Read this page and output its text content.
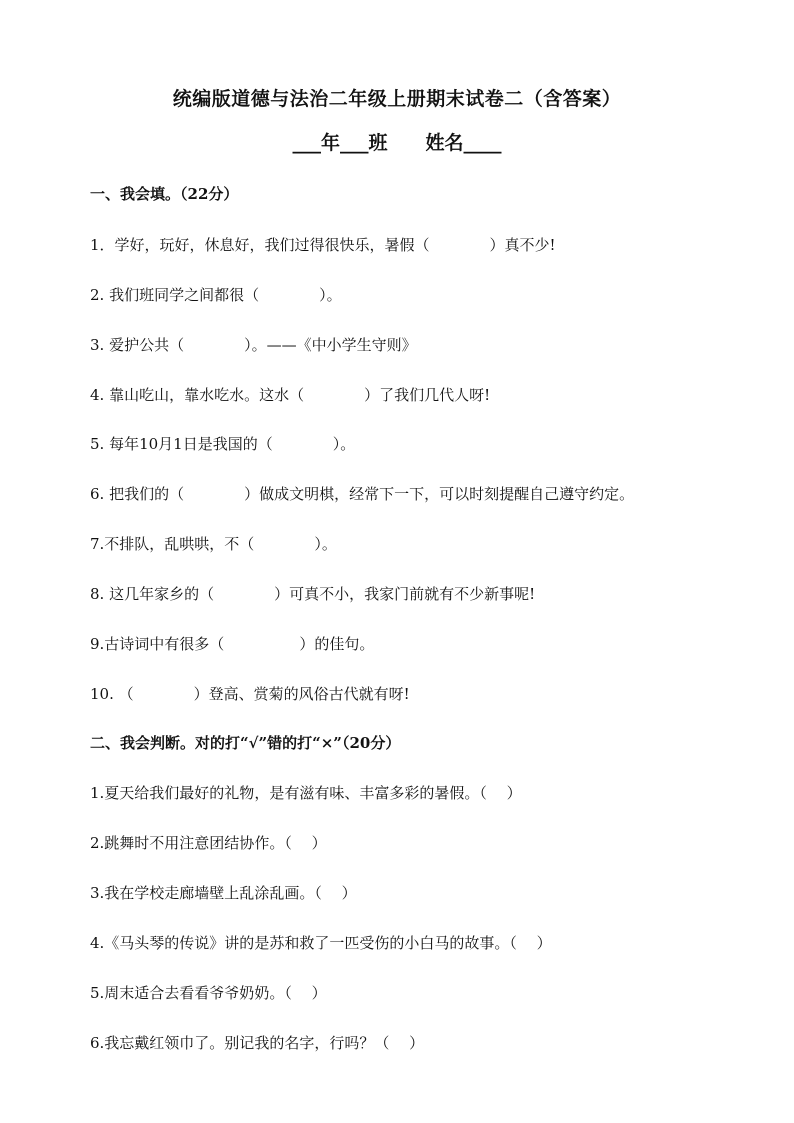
统编版道德与法治二年级上册期末试卷二（含答案）
___年___班　　姓名____
一、我会填。（22分）
1．学好，玩好，休息好，我们过得很快乐，暑假（　　　　）真不少!
2. 我们班同学之间都很（　　　　）。
3. 爱护公共（　　　　）。——《中小学生守则》
4. 靠山吃山，靠水吃水。这水（　　　　）了我们几代人呀!
5. 每年10月1日是我国的（　　　　）。
6. 把我们的（　　　　）做成文明棋，经常下一下，可以时刻提醒自己遵守约定。
7.不排队，乱哄哄，不（　　　　）。
8. 这几年家乡的（　　　　）可真不小，我家门前就有不少新事呢!
9.古诗词中有很多（　　　　　）的佳句。
10. （　　　　）登高、赏菊的风俗古代就有呀!
二、我会判断。对的打“√”错的打“×”（20分）
1.夏天给我们最好的礼物，是有滋有味、丰富多彩的暑假。（　 ）
2.跳舞时不用注意团结协作。（　 ）
3.我在学校走廊墙壁上乱涂乱画。（　 ）
4.《马头琴的传说》讲的是苏和救了一匹受伤的小白马的故事。（　 ）
5.周末适合去看看爷爷奶奶。（　 ）
6.我忘戴红领巾了。别记我的名字，行吗？（　 ）
